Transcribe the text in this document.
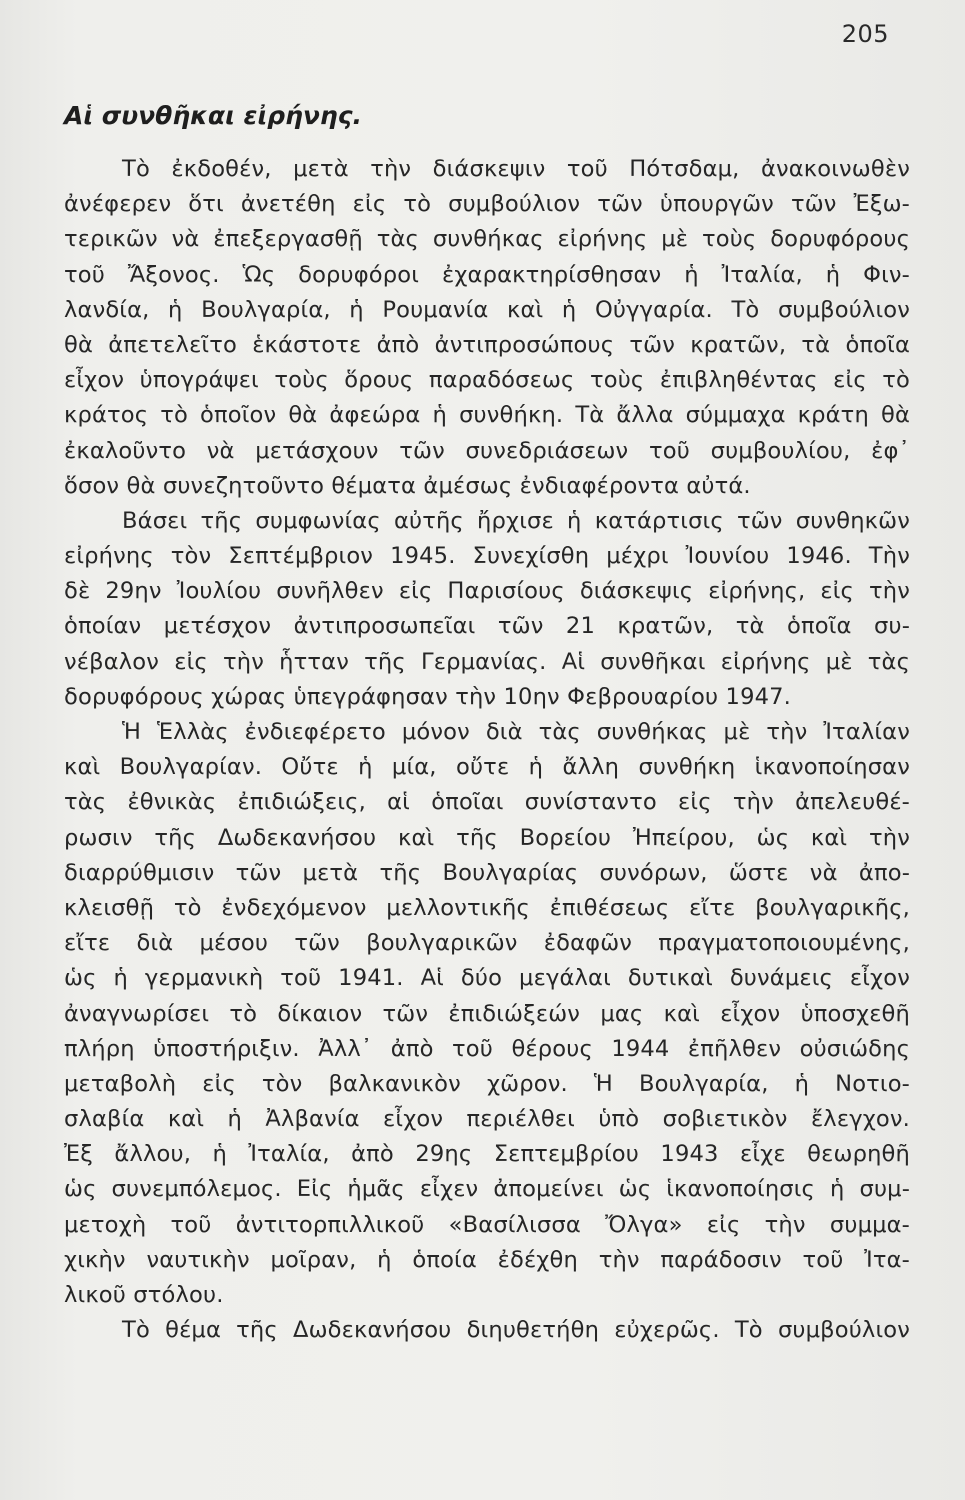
205
Αἱ συνθῆκαι εἰρήνης.

Τὸ ἐκδοθέν, μετὰ τὴν διάσκεψιν τοῦ Πότσδαμ, ἀνακοινωθὲν
ἀνέφερεν ὅτι ἀνετέθη εἰς τὸ συμβούλιον τῶν ὑπουργῶν τῶν Ἐξω-
τερικῶν νὰ ἐπεξεργασθῇ τὰς συνθήκας εἰρήνης μὲ τοὺς δορυφόρους
τοῦ Ἄξονος. Ὡς δορυφόροι ἐχαρακτηρίσθησαν ἡ Ἰταλία, ἡ Φιν-
λανδία, ἡ Βουλγαρία, ἡ Ρουμανία καὶ ἡ Οὐγγαρία. Τὸ συμβούλιον
θὰ ἀπετελεῖτο ἑκάστοτε ἀπὸ ἀντιπροσώπους τῶν κρατῶν, τὰ ὁποῖα
εἶχον ὑπογράψει τοὺς ὅρους παραδόσεως τοὺς ἐπιβληθέντας εἰς τὸ
κράτος τὸ ὁποῖον θὰ ἀφεώρα ἡ συνθήκη. Τὰ ἄλλα σύμμαχα κράτη θὰ
ἐκαλοῦντο νὰ μετάσχουν τῶν συνεδριάσεων τοῦ συμβουλίου, ἐφ᾽
ὅσον θὰ συνεζητοῦντο θέματα ἀμέσως ἐνδιαφέροντα αὐτά.

Βάσει τῆς συμφωνίας αὐτῆς ἤρχισε ἡ κατάρτισις τῶν συνθηκῶν
εἰρήνης τὸν Σεπτέμβριον 1945. Συνεχίσθη μέχρι Ἰουνίου 1946. Τὴν
δὲ 29ην Ἰουλίου συνῆλθεν εἰς Παρισίους διάσκεψις εἰρήνης, εἰς τὴν
ὁποίαν μετέσχον ἀντιπροσωπεῖαι τῶν 21 κρατῶν, τὰ ὁποῖα συ-
νέβαλον εἰς τὴν ἧτταν τῆς Γερμανίας. Αἱ συνθῆκαι εἰρήνης μὲ τὰς
δορυφόρους χώρας ὑπεγράφησαν τὴν 10ην Φεβρουαρίου 1947.

Ἡ Ἑλλὰς ἐνδιεφέρετο μόνον διὰ τὰς συνθήκας μὲ τὴν Ἰταλίαν
καὶ Βουλγαρίαν. Οὔτε ἡ μία, οὔτε ἡ ἄλλη συνθήκη ἱκανοποίησαν
τὰς ἐθνικὰς ἐπιδιώξεις, αἱ ὁποῖαι συνίσταντο εἰς τὴν ἀπελευθέ-
ρωσιν τῆς Δωδεκανήσου καὶ τῆς Βορείου Ἠπείρου, ὡς καὶ τὴν
διαρρύθμισιν τῶν μετὰ τῆς Βουλγαρίας συνόρων, ὥστε νὰ ἀπο-
κλεισθῇ τὸ ἐνδεχόμενον μελλοντικῆς ἐπιθέσεως εἴτε βουλγαρικῆς,
εἴτε διὰ μέσου τῶν βουλγαρικῶν ἐδαφῶν πραγματοποιουμένης,
ὡς ἡ γερμανικὴ τοῦ 1941. Αἱ δύο μεγάλαι δυτικαὶ δυνάμεις εἶχον
ἀναγνωρίσει τὸ δίκαιον τῶν ἐπιδιώξεών μας καὶ εἶχον ὑποσχεθῆ
πλήρη ὑποστήριξιν. Ἀλλ᾽ ἀπὸ τοῦ θέρους 1944 ἐπῆλθεν οὐσιώδης
μεταβολὴ εἰς τὸν βαλκανικὸν χῶρον. Ἡ Βουλγαρία, ἡ Νοτιο-
σλαβία καὶ ἡ Ἀλβανία εἶχον περιέλθει ὑπὸ σοβιετικὸν ἔλεγχον.
Ἐξ ἄλλου, ἡ Ἰταλία, ἀπὸ 29ης Σεπτεμβρίου 1943 εἶχε θεωρηθῆ
ὡς συνεμπόλεμος. Εἰς ἡμᾶς εἶχεν ἀπομείνει ὡς ἱκανοποίησις ἡ συμ-
μετοχὴ τοῦ ἀντιτορπιλλικοῦ «Βασίλισσα Ὄλγα» εἰς τὴν συμμα-
χικὴν ναυτικὴν μοῖραν, ἡ ὁποία ἐδέχθη τὴν παράδοσιν τοῦ Ἰτα-
λικοῦ στόλου.

Τὸ θέμα τῆς Δωδεκανήσου διηυθετήθη εὐχερῶς. Τὸ συμβούλιον
